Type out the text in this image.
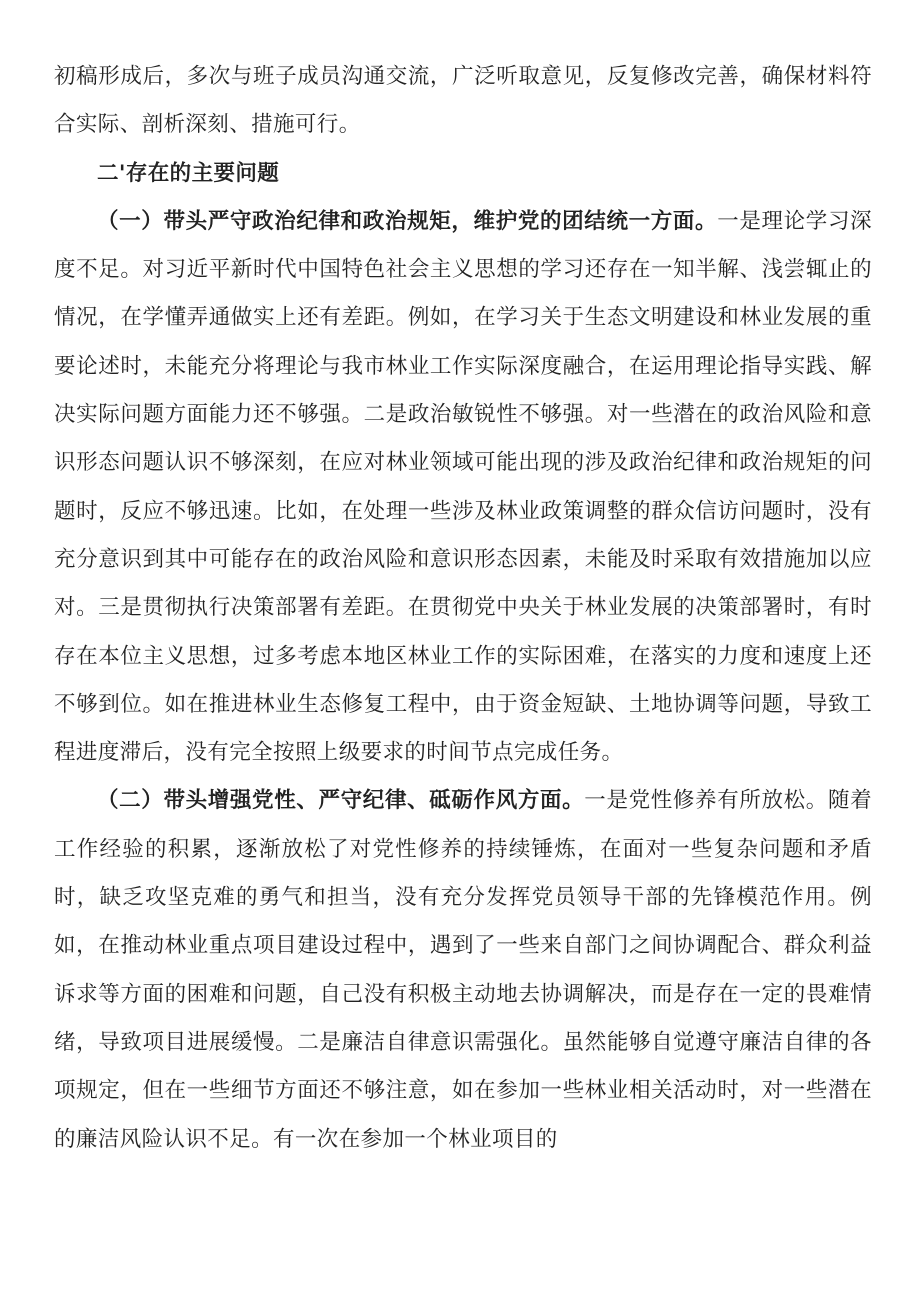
初稿形成后，多次与班子成员沟通交流，广泛听取意见，反复修改完善，确保材料符合实际、剖析深刻、措施可行。

二'存在的主要问题

（一）带头严守政治纪律和政治规矩，维护党的团结统一方面。一是理论学习深度不足。对习近平新时代中国特色社会主义思想的学习还存在一知半解、浅尝辄止的情况，在学懂弄通做实上还有差距。例如，在学习关于生态文明建设和林业发展的重要论述时，未能充分将理论与我市林业工作实际深度融合，在运用理论指导实践、解决实际问题方面能力还不够强。二是政治敏锐性不够强。对一些潜在的政治风险和意识形态问题认识不够深刻，在应对林业领域可能出现的涉及政治纪律和政治规矩的问题时，反应不够迅速。比如，在处理一些涉及林业政策调整的群众信访问题时，没有充分意识到其中可能存在的政治风险和意识形态因素，未能及时采取有效措施加以应对。三是贯彻执行决策部署有差距。在贯彻党中央关于林业发展的决策部署时，有时存在本位主义思想，过多考虑本地区林业工作的实际困难，在落实的力度和速度上还不够到位。如在推进林业生态修复工程中，由于资金短缺、土地协调等问题，导致工程进度滞后，没有完全按照上级要求的时间节点完成任务。

（二）带头增强党性、严守纪律、砥砺作风方面。一是党性修养有所放松。随着工作经验的积累，逐渐放松了对党性修养的持续锤炼，在面对一些复杂问题和矛盾时，缺乏攻坚克难的勇气和担当，没有充分发挥党员领导干部的先锋模范作用。例如，在推动林业重点项目建设过程中，遇到了一些来自部门之间协调配合、群众利益诉求等方面的困难和问题，自己没有积极主动地去协调解决，而是存在一定的畏难情绪，导致项目进展缓慢。二是廉洁自律意识需强化。虽然能够自觉遵守廉洁自律的各项规定，但在一些细节方面还不够注意，如在参加一些林业相关活动时，对一些潜在的廉洁风险认识不足。有一次在参加一个林业项目的
